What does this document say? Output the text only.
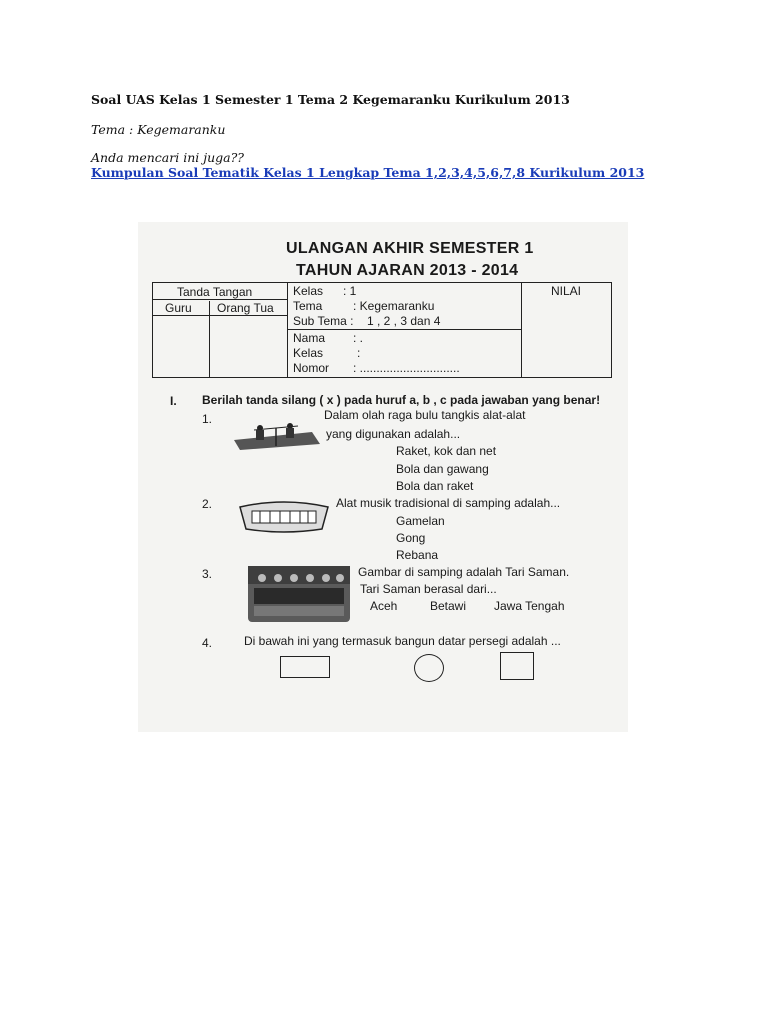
Soal UAS Kelas 1 Semester 1 Tema 2 Kegemaranku Kurikulum 2013
Tema : Kegemaranku
Anda mencari ini juga??
Kumpulan Soal Tematik Kelas 1 Lengkap Tema 1,2,3,4,5,6,7,8 Kurikulum 2013
ULANGAN AKHIR SEMESTER 1
TAHUN AJARAN 2013 - 2014
Tanda Tangan
Guru Orang Tua
Kelas : 1
Tema	: Kegemaranku
Sub Tema : 1 , 2 , 3 dan 4
Nama : .
Kelas	:
Nomor : ..............................
NILAI
I. Berilah tanda silang ( x ) pada huruf a, b , c pada jawaban yang benar!
1.	Dalam olah raga bulu tangkis alat-alat
yang digunakan adalah...
Raket, kok dan net
Bola dan gawang
Bola dan raket
2.	Alat musik tradisional di samping adalah...
Gamelan
Gong
Rebana
3.	Gambar di samping adalah Tari Saman.
Tari Saman berasal dari...
Aceh	Betawi Jawa Tengah
4.	Di bawah ini yang termasuk bangun datar persegi adalah ...
